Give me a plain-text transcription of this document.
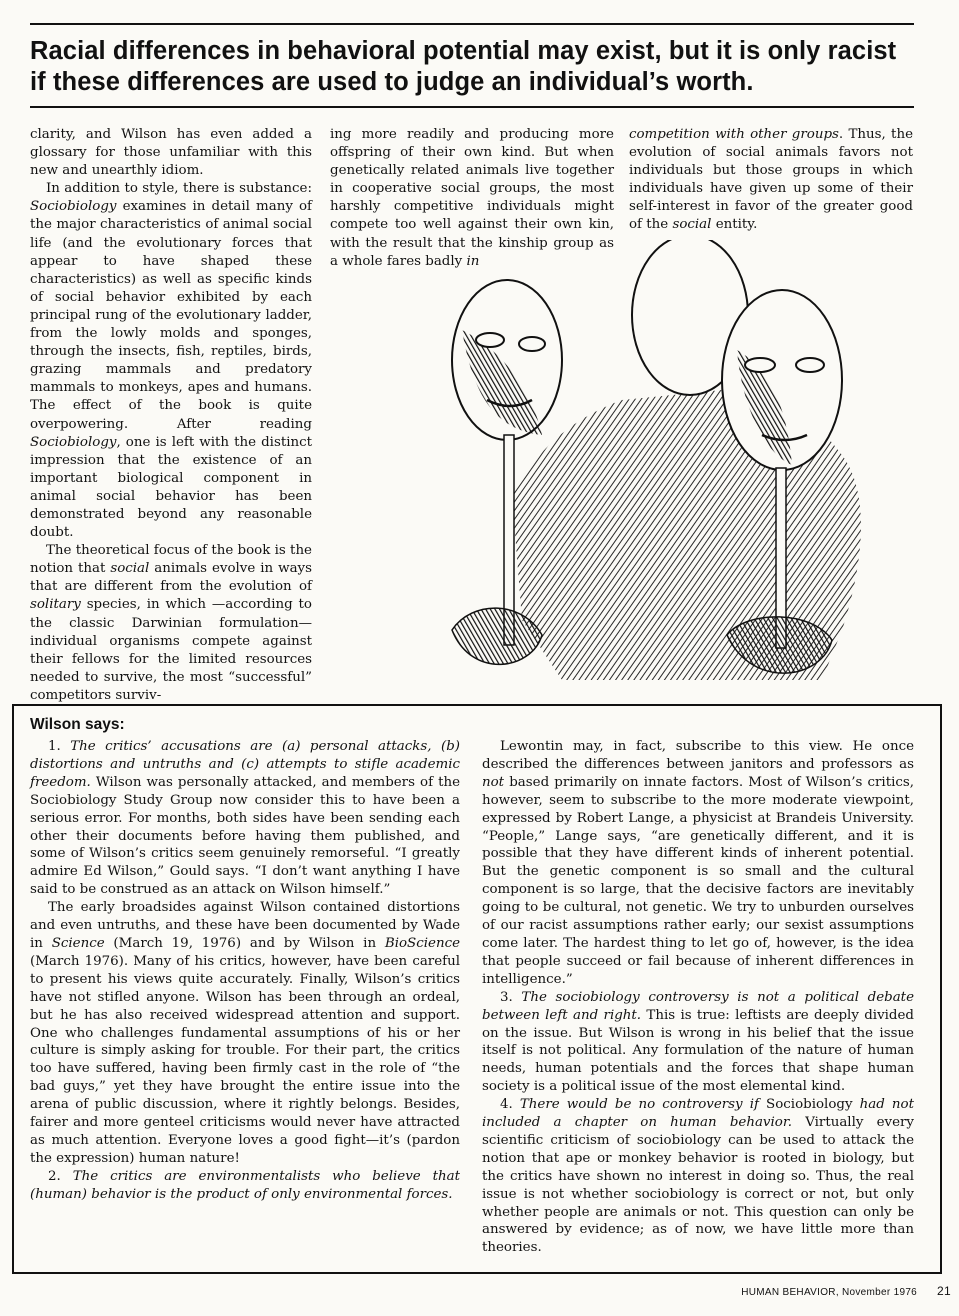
Racial differences in behavioral potential may exist, but it is only racist if these differences are used to judge an individual’s worth.

clarity, and Wilson has even added a glossary for those unfamiliar with this new and unearthly idiom.

In addition to style, there is substance: Sociobiology examines in detail many of the major characteristics of animal social life (and the evolutionary forces that appear to have shaped these characteristics) as well as specific kinds of social behavior exhibited by each principal rung of the evolutionary ladder, from the lowly molds and sponges, through the insects, fish, reptiles, birds, grazing mammals and predatory mammals to monkeys, apes and humans. The effect of the book is quite overpowering. After reading Sociobiology, one is left with the distinct impression that the existence of an important biological component in animal social behavior has been demonstrated beyond any reasonable doubt.

The theoretical focus of the book is the notion that social animals evolve in ways that are different from the evolution of solitary species, in which —according to the classic Darwinian formulation—individual organisms compete against their fellows for the limited resources needed to survive, the most “successful” competitors surviv-

ing more readily and producing more offspring of their own kind. But when genetically related animals live together in cooperative social groups, the most harshly competitive individuals might compete too well against their own kin, with the result that the kinship group as a whole fares badly in

competition with other groups. Thus, the evolution of social animals favors not individuals but those groups in which individuals have given up some of their self-interest in favor of the greater good of the social entity.

Wilson says:

1. The critics’ accusations are (a) personal attacks, (b) distortions and untruths and (c) attempts to stifle academic freedom. Wilson was personally attacked, and members of the Sociobiology Study Group now consider this to have been a serious error. For months, both sides have been sending each other their documents before having them published, and some of Wilson’s critics seem genuinely remorseful. “I greatly admire Ed Wilson,” Gould says. “I don’t want anything I have said to be construed as an attack on Wilson himself.”

The early broadsides against Wilson contained distortions and even untruths, and these have been documented by Wade in Science (March 19, 1976) and by Wilson in BioScience (March 1976). Many of his critics, however, have been careful to present his views quite accurately. Finally, Wilson’s critics have not stifled anyone. Wilson has been through an ordeal, but he has also received widespread attention and support. One who challenges fundamental assumptions of his or her culture is simply asking for trouble. For their part, the critics too have suffered, having been firmly cast in the role of “the bad guys,” yet they have brought the entire issue into the arena of public discussion, where it rightly belongs. Besides, fairer and more genteel criticisms would never have attracted as much attention. Everyone loves a good fight—it’s (pardon the expression) human nature!

2. The critics are environmentalists who believe that (human) behavior is the product of only environmental forces.

Lewontin may, in fact, subscribe to this view. He once described the differences between janitors and professors as not based primarily on innate factors. Most of Wilson’s critics, however, seem to subscribe to the more moderate viewpoint, expressed by Robert Lange, a physicist at Brandeis University. “People,” Lange says, “are genetically different, and it is possible that they have different kinds of inherent potential. But the genetic component is so small and the cultural component is so large, that the decisive factors are inevitably going to be cultural, not genetic. We try to unburden ourselves of our racist assumptions rather early; our sexist assumptions come later. The hardest thing to let go of, however, is the idea that people succeed or fail because of inherent differences in intelligence.”

3. The sociobiology controversy is not a political debate between left and right. This is true: leftists are deeply divided on the issue. But Wilson is wrong in his belief that the issue itself is not political. Any formulation of the nature of human needs, human potentials and the forces that shape human society is a political issue of the most elemental kind.

4. There would be no controversy if Sociobiology had not included a chapter on human behavior. Virtually every scientific criticism of sociobiology can be used to attack the notion that ape or monkey behavior is rooted in biology, but the critics have shown no interest in doing so. Thus, the real issue is not whether sociobiology is correct or not, but only whether people are animals or not. This question can only be answered by evidence; as of now, we have little more than theories.

HUMAN BEHAVIOR, November 1976 21
